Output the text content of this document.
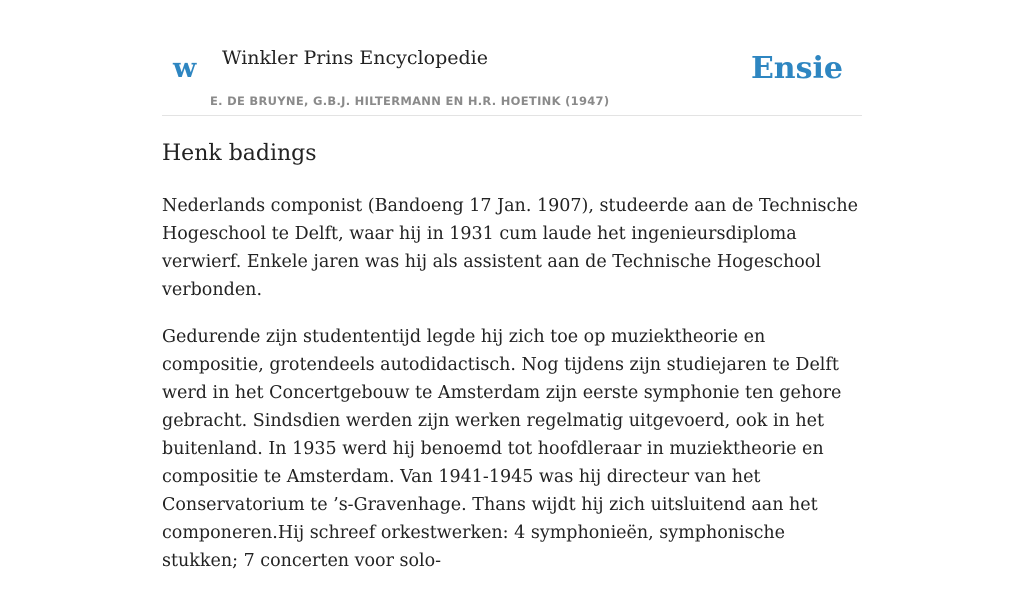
w Winkler Prins Encyclopedie
E. DE BRUYNE, G.B.J. HILTERMANN EN H.R. HOETINK (1947)
Ensie
Henk badings

Nederlands componist (Bandoeng 17 Jan. 1907), studeerde aan de Technische Hogeschool te Delft, waar hij in 1931 cum laude het ingenieursdiploma verwierf. Enkele jaren was hij als assistent aan de Technische Hogeschool verbonden.

Gedurende zijn studententijd legde hij zich toe op muziektheorie en compositie, grotendeels autodidactisch. Nog tijdens zijn studiejaren te Delft werd in het Concertgebouw te Amsterdam zijn eerste symphonie ten gehore gebracht. Sindsdien werden zijn werken regelmatig uitgevoerd, ook in het buitenland. In 1935 werd hij benoemd tot hoofdleraar in muziektheorie en compositie te Amsterdam. Van 1941-1945 was hij directeur van het Conservatorium te ’s-Gravenhage. Thans wijdt hij zich uitsluitend aan het componeren.Hij schreef orkestwerken: 4 symphonieën, symphonische stukken; 7 concerten voor solo-
